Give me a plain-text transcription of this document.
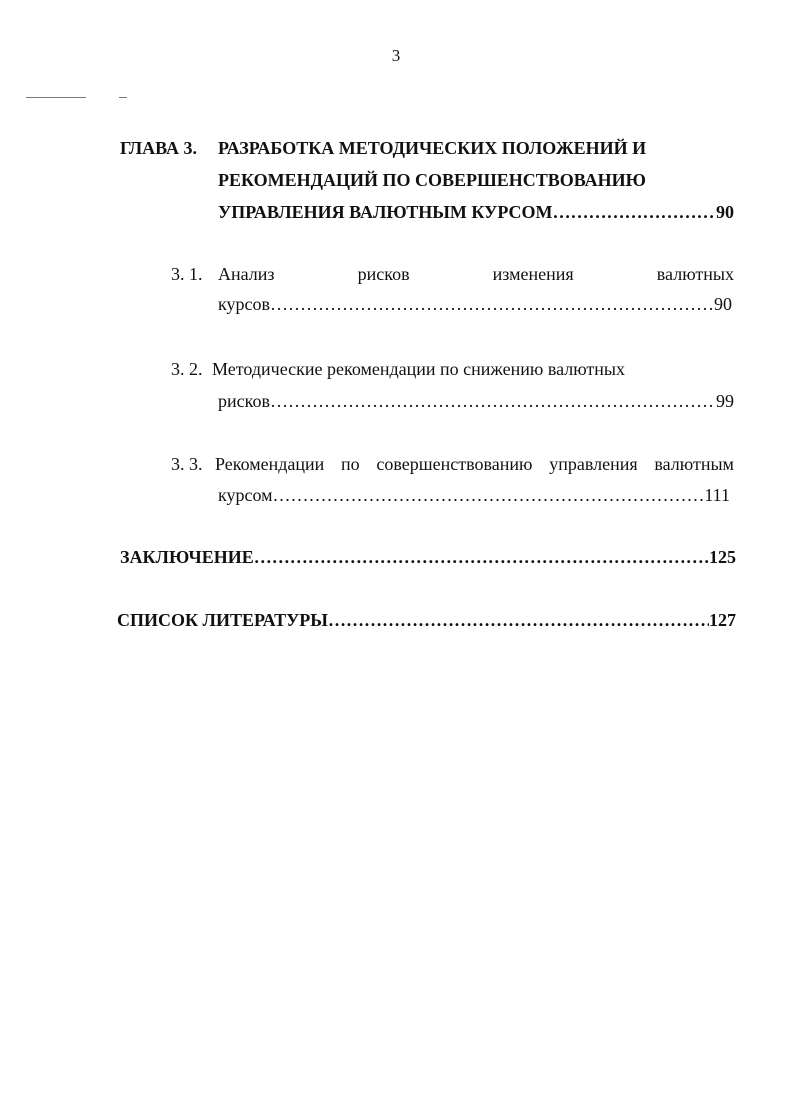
3
ГЛАВА 3. РАЗРАБОТКА МЕТОДИЧЕСКИХ ПОЛОЖЕНИЙ И
РЕКОМЕНДАЦИЙ ПО СОВЕРШЕНСТВОВАНИЮ
УПРАВЛЕНИЯ ВАЛЮТНЫМ КУРСОМ ………………………………………………………………………………………………………………………………………………………………	90
3. 1. Анализ	рисков	изменения	валютных
курсов ………………………………………………………………………………………………………………………………………………………………	90
3. 2. Методические рекомендации по снижению валютных
рисков ………………………………………………………………………………………………………………………………………………………………	99
3. 3. Рекомендации по совершенствованию управления валютным
курсом ………………………………………………………………………………………………………………………………………………………………	111
ЗАКЛЮЧЕНИЕ ………………………………………………………………………………………………………………………………………………………………	125
СПИСОК ЛИТЕРАТУРЫ ………………………………………………………………………………………………………………………………………………………………	127
